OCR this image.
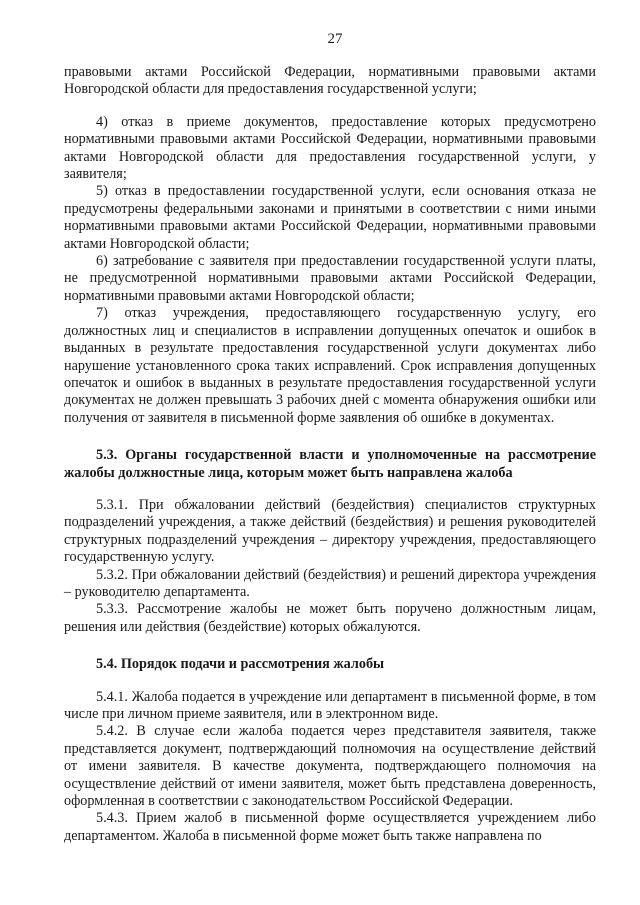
27

правовыми актами Российской Федерации, нормативными правовыми актами Новгородской области для предоставления государственной услуги;

4) отказ в приеме документов, предоставление которых предусмотрено нормативными правовыми актами Российской Федерации, нормативными правовыми актами Новгородской области для предоставления государственной услуги, у заявителя;

5) отказ в предоставлении государственной услуги, если основания отказа не предусмотрены федеральными законами и принятыми в соответствии с ними иными нормативными правовыми актами Российской Федерации, нормативными правовыми актами Новгородской области;

6) затребование с заявителя при предоставлении государственной услуги платы, не предусмотренной нормативными правовыми актами Российской Федерации, нормативными правовыми актами Новгородской области;

7) отказ учреждения, предоставляющего государственную услугу, его должностных лиц и специалистов в исправлении допущенных опечаток и ошибок в выданных в результате предоставления государственной услуги документах либо нарушение установленного срока таких исправлений. Срок исправления допущенных опечаток и ошибок в выданных в результате предоставления государственной услуги документах не должен превышать 3 рабочих дней с момента обнаружения ошибки или получения от заявителя в письменной форме заявления об ошибке в документах.

5.3. Органы государственной власти и уполномоченные на рассмотрение жалобы должностные лица, которым может быть направлена жалоба

5.3.1. При обжаловании действий (бездействия) специалистов структурных подразделений учреждения, а также действий (бездействия) и решения руководителей структурных подразделений учреждения – директору учреждения, предоставляющего государственную услугу.

5.3.2. При обжаловании действий (бездействия) и решений директора учреждения – руководителю департамента.

5.3.3. Рассмотрение жалобы не может быть поручено должностным лицам, решения или действия (бездействие) которых обжалуются.

5.4. Порядок подачи и рассмотрения жалобы

5.4.1. Жалоба подается в учреждение или департамент в письменной форме, в том числе при личном приеме заявителя, или в электронном виде.

5.4.2. В случае если жалоба подается через представителя заявителя, также представляется документ, подтверждающий полномочия на осуществление действий от имени заявителя. В качестве документа, подтверждающего полномочия на осуществление действий от имени заявителя, может быть представлена доверенность, оформленная в соответствии с законодательством Российской Федерации.

5.4.3. Прием жалоб в письменной форме осуществляется учреждением либо департаментом. Жалоба в письменной форме может быть также направлена по
